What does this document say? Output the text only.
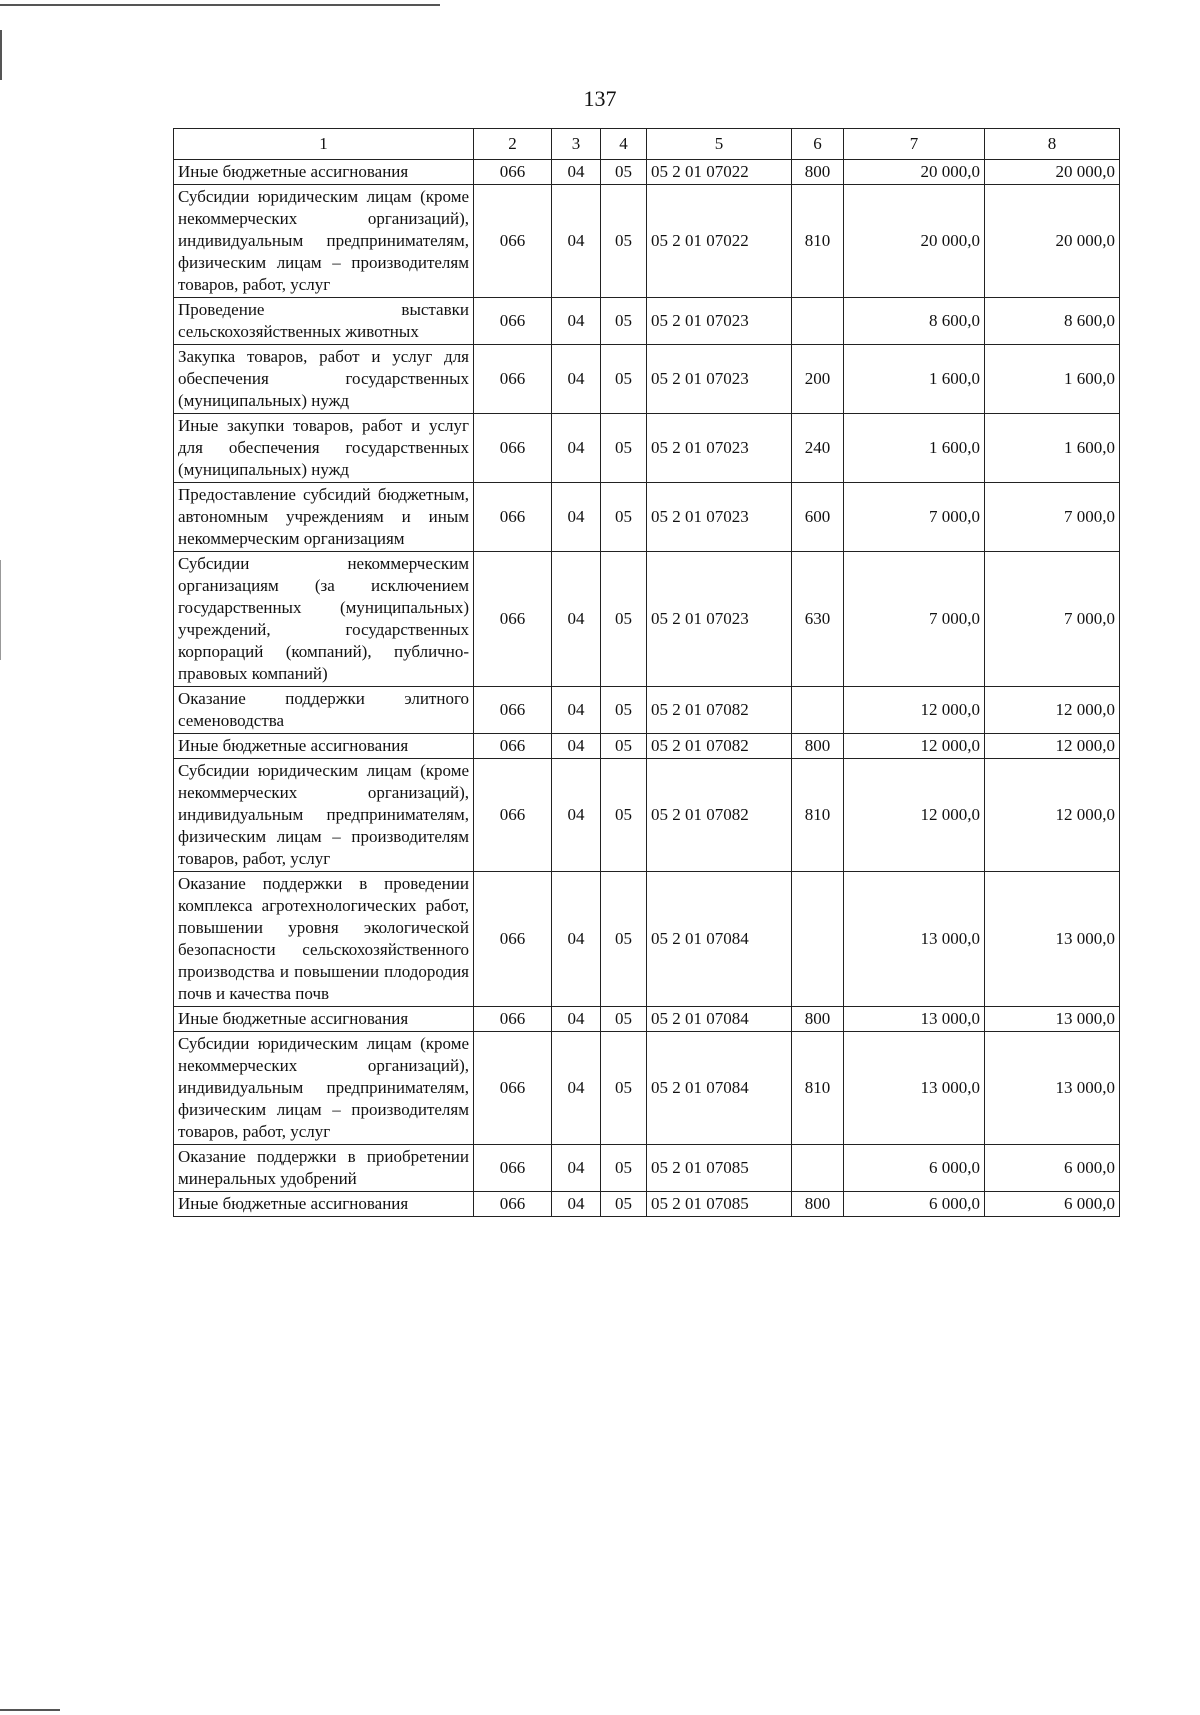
137
1	2	3	4	5	6	7	8
Иные бюджетные ассигнования	066	04	05	05 2 01 07022	800	20 000,0	20 000,0
Субсидии юридическим лицам (кроме некоммерческих организаций), индивидуальным предпринимателям, физическим лицам – производителям товаров, работ, услуг	066	04	05	05 2 01 07022	810	20 000,0	20 000,0
Проведение выставки сельскохозяйственных животных	066	04	05	05 2 01 07023		8 600,0	8 600,0
Закупка товаров, работ и услуг для обеспечения государственных (муниципальных) нужд	066	04	05	05 2 01 07023	200	1 600,0	1 600,0
Иные закупки товаров, работ и услуг для обеспечения государственных (муниципальных) нужд	066	04	05	05 2 01 07023	240	1 600,0	1 600,0
Предоставление субсидий бюджетным, автономным учреждениям и иным некоммерческим организациям	066	04	05	05 2 01 07023	600	7 000,0	7 000,0
Субсидии некоммерческим организациям (за исключением государственных (муниципальных) учреждений, государственных корпораций (компаний), публично-правовых компаний)	066	04	05	05 2 01 07023	630	7 000,0	7 000,0
Оказание поддержки элитного семеноводства	066	04	05	05 2 01 07082		12 000,0	12 000,0
Иные бюджетные ассигнования	066	04	05	05 2 01 07082	800	12 000,0	12 000,0
Субсидии юридическим лицам (кроме некоммерческих организаций), индивидуальным предпринимателям, физическим лицам – производителям товаров, работ, услуг	066	04	05	05 2 01 07082	810	12 000,0	12 000,0
Оказание поддержки в проведении комплекса агротехнологических работ, повышении уровня экологической безопасности сельскохозяйственного производства и повышении плодородия почв и качества почв	066	04	05	05 2 01 07084		13 000,0	13 000,0
Иные бюджетные ассигнования	066	04	05	05 2 01 07084	800	13 000,0	13 000,0
Субсидии юридическим лицам (кроме некоммерческих организаций), индивидуальным предпринимателям, физическим лицам – производителям товаров, работ, услуг	066	04	05	05 2 01 07084	810	13 000,0	13 000,0
Оказание поддержки в приобретении минеральных удобрений	066	04	05	05 2 01 07085		6 000,0	6 000,0
Иные бюджетные ассигнования	066	04	05	05 2 01 07085	800	6 000,0	6 000,0
